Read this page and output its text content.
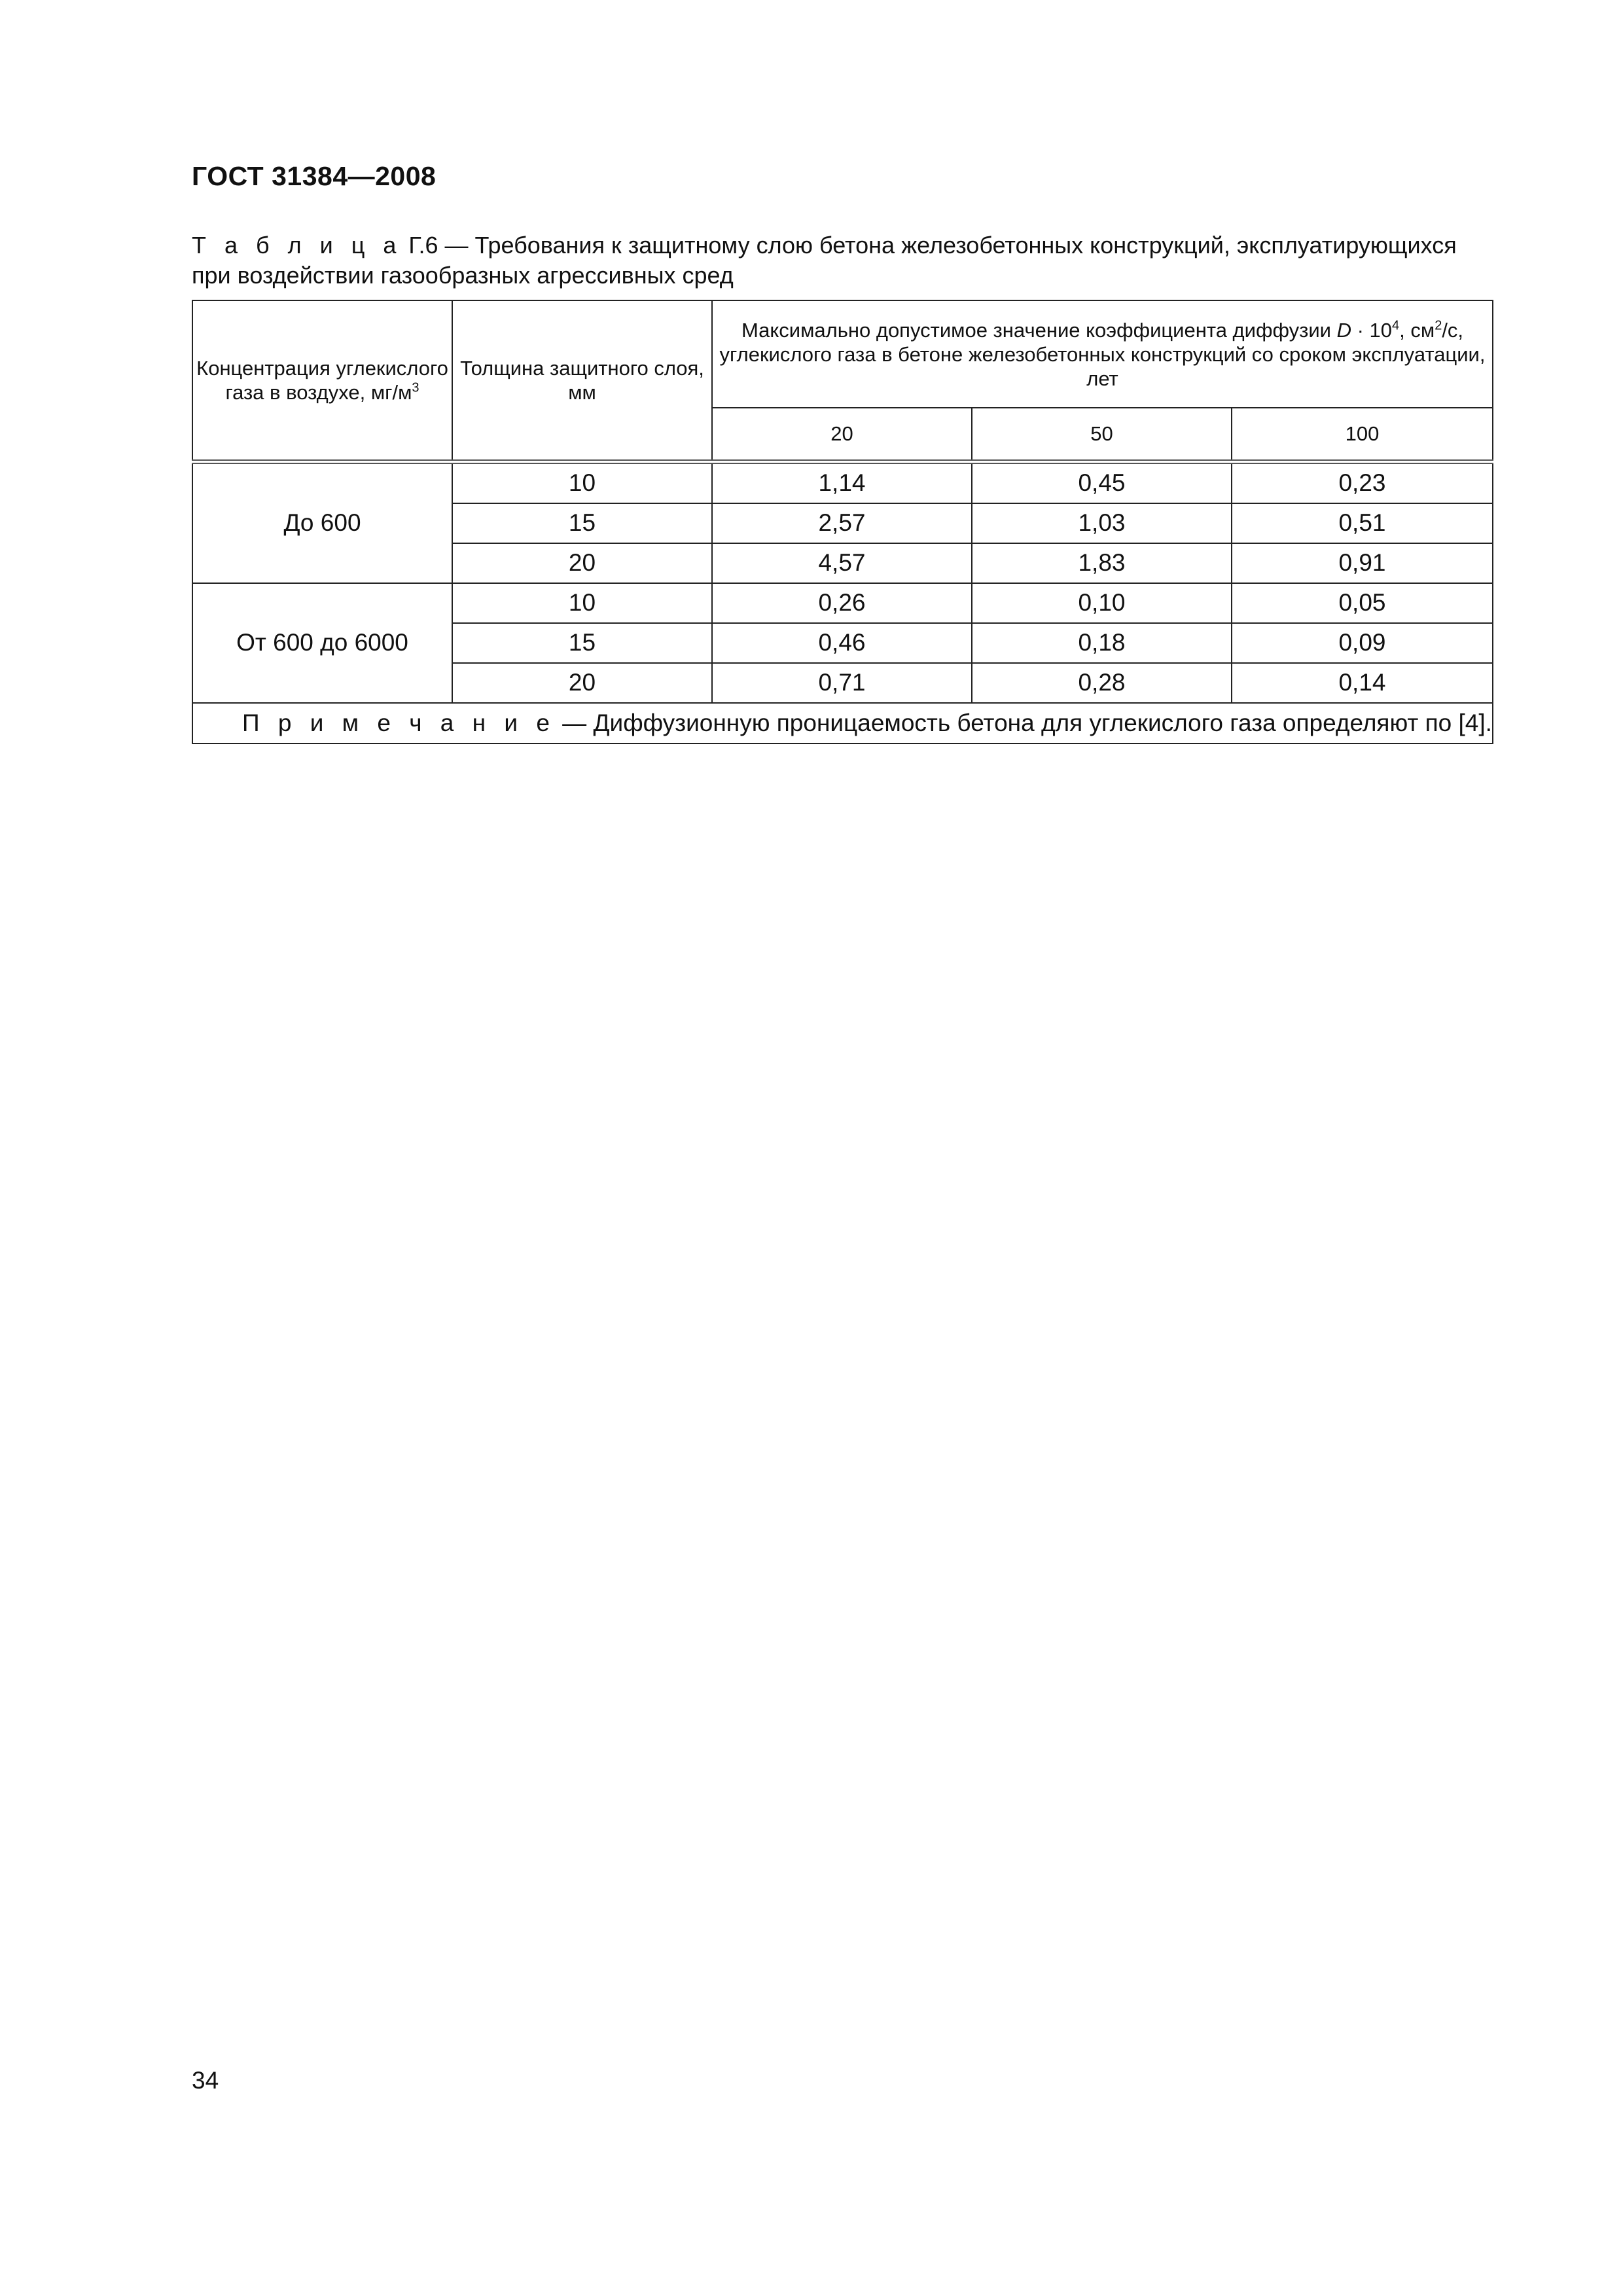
ГОСТ 31384—2008
Т а б л и ц а Г.6 — Требования к защитному слою бетона железобетонных конструкций, эксплуатирующихся при воздействии газообразных агрессивных сред
Концентрация углекислого газа в воздухе, $мг/м^3$	Толщина защитного слоя, мм	Максимально допустимое значение коэффициента диффузии $D \cdot 10^4$, $см^2/с$, углекислого газа в бетоне железобетонных конструкций со сроком эксплуатации, лет		
		20	50	100
До 600	10	1,14	0,45	0,23
	15	2,57	1,03	0,51
	20	4,57	1,83	0,91
От 600 до 6000	10	0,26	0,10	0,05
	15	0,46	0,18	0,09
	20	0,71	0,28	0,14
П р и м е ч а н и е — Диффузионную проницаемость бетона для углекислого газа определяют по [4].				
34
